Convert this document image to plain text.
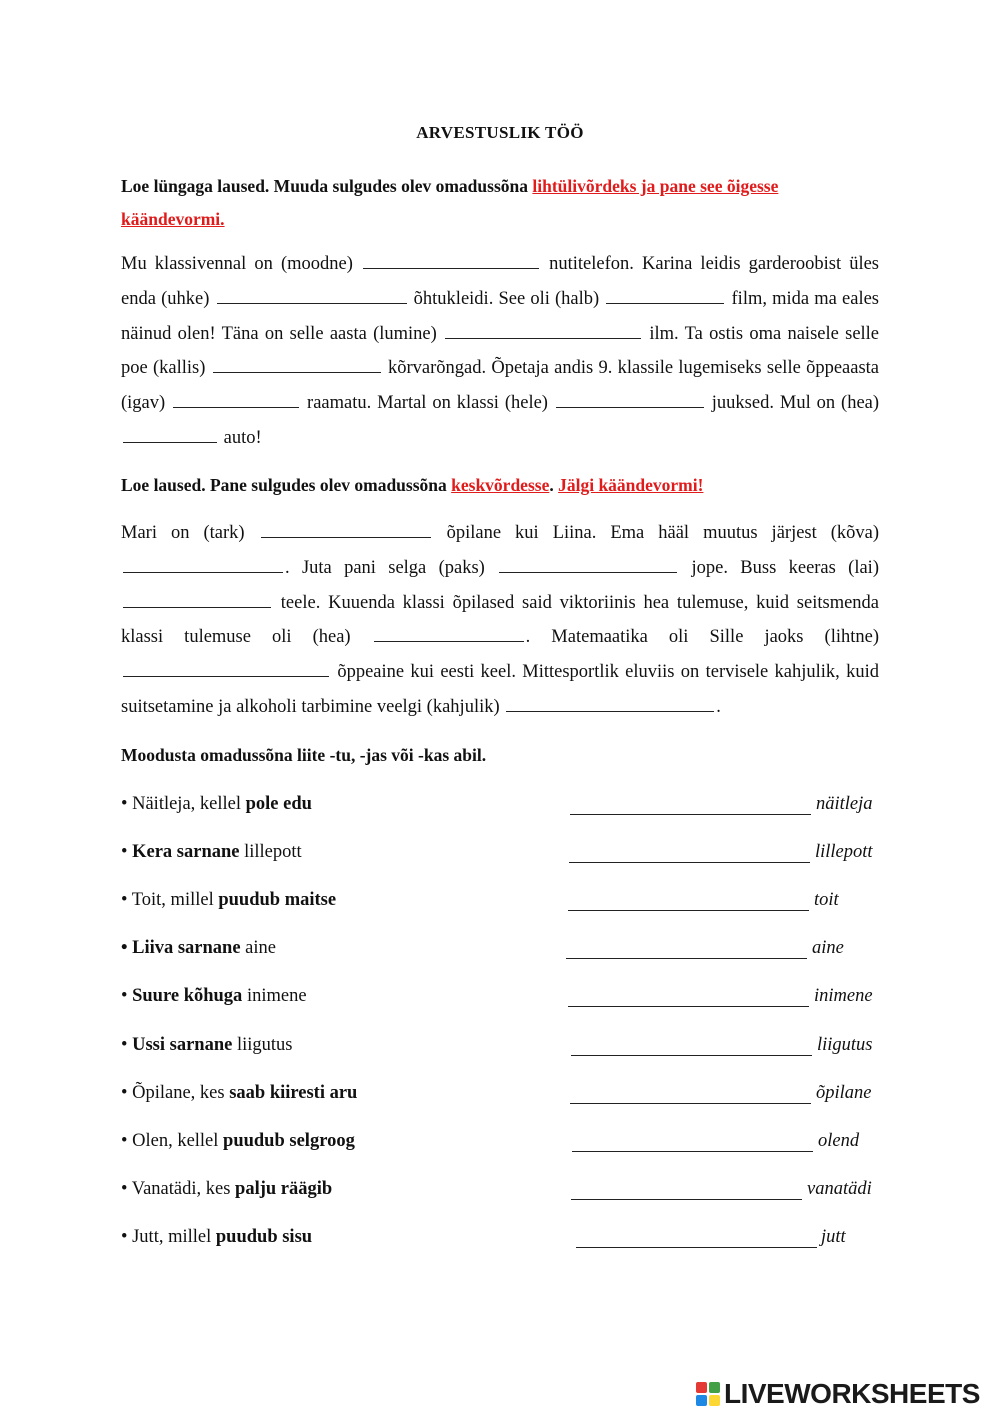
ARVESTUSLIK TÖÖ
Loe lüngaga laused. Muuda sulgudes olev omadussõna lihtülivõrdeks ja pane see õigesse
käändevormi.
Mu klassivennal on (moodne)	nutitelefon. Karina leidis garderoobist üles enda (uhke)	õhtukleidi. See oli (halb)	film, mida ma eales näinud olen! Täna on selle aasta (lumine)	ilm. Ta ostis oma naisele selle poe (kallis)	kõrvarõngad. Õpetaja andis 9. klassile lugemiseks selle õppeaasta (igav)	raamatu. Martal on klassi (hele)	juuksed. Mul on (hea)  auto!
Loe laused. Pane sulgudes olev omadussõna keskvõrdesse. Jälgi käändevormi!
Mari on (tark)	õpilane kui Liina. Ema hääl muutus järjest (kõva) . Juta pani selga (paks)	jope. Buss keeras (lai)  teele. Kuuenda klassi õpilased said viktoriinis hea tulemuse, kuid seitsmenda klassi tulemuse oli (hea)	. Matemaatika oli Sille jaoks (lihtne)  õppeaine kui eesti keel. Mittesportlik eluviis on tervisele kahjulik, kuid suitsetamine ja alkoholi tarbimine veelgi (kahjulik)	.
Moodusta omadussõna liite -tu, -jas või -kas abil.
• Näitleja, kellel pole edu	näitleja
• Kera sarnane lillepott	lillepott
• Toit, millel puudub maitse	toit
• Liiva sarnane aine	aine
• Suure kõhuga inimene	inimene
• Ussi sarnane liigutus	liigutus
• Õpilane, kes saab kiiresti aru	õpilane
• Olen, kellel puudub selgroog	olend
• Vanatädi, kes palju räägib	vanatädi
• Jutt, millel puudub sisu	jutt
LIVEWORKSHEETS
